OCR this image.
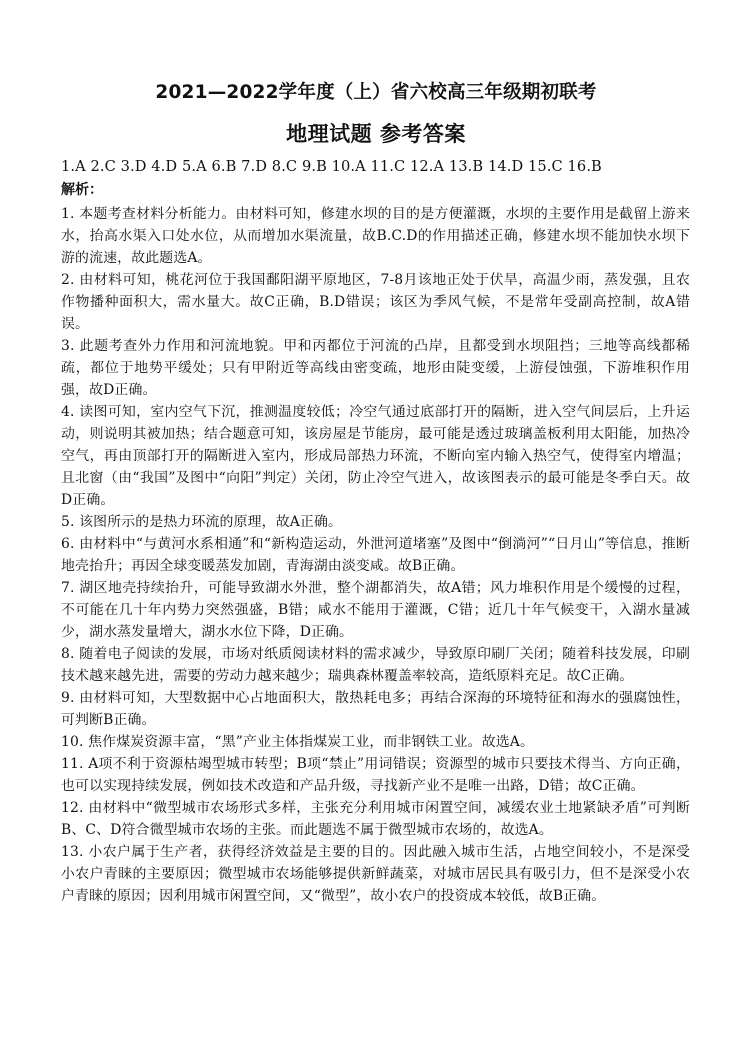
2021—2022学年度（上）省六校高三年级期初联考
地理试题 参考答案
1.A 2.C 3.D 4.D 5.A 6.B 7.D 8.C 9.B 10.A 11.C 12.A 13.B 14.D 15.C 16.B
解析：

1. 本题考查材料分析能力。由材料可知，修建水坝的目的是方便灌溉，水坝的主要作用是截留上游来水，抬高水渠入口处水位，从而增加水渠流量，故B.C.D的作用描述正确，修建水坝不能加快水坝下游的流速，故此题选A。

2. 由材料可知，桃花河位于我国鄱阳湖平原地区，7-8月该地正处于伏旱，高温少雨，蒸发强，且农作物播种面积大，需水量大。故C正确，B.D错误；该区为季风气候，不是常年受副高控制，故A错误。

3. 此题考查外力作用和河流地貌。甲和丙都位于河流的凸岸，且都受到水坝阻挡；三地等高线都稀疏，都位于地势平缓处；只有甲附近等高线由密变疏，地形由陡变缓，上游侵蚀强，下游堆积作用强，故D正确。

4. 读图可知，室内空气下沉，推测温度较低；冷空气通过底部打开的隔断，进入空气间层后，上升运动，则说明其被加热；结合题意可知，该房屋是节能房，最可能是透过玻璃盖板利用太阳能，加热冷空气，再由顶部打开的隔断进入室内，形成局部热力环流，不断向室内输入热空气，使得室内增温；且北窗（由“我国”及图中“向阳”判定）关闭，防止冷空气进入，故该图表示的最可能是冬季白天。故D正确。

5. 该图所示的是热力环流的原理，故A正确。

6. 由材料中“与黄河水系相通”和“新构造运动，外泄河道堵塞”及图中“倒淌河”“日月山”等信息，推断地壳抬升；再因全球变暖蒸发加剧，青海湖由淡变咸。故B正确。

7. 湖区地壳持续抬升，可能导致湖水外泄，整个湖都消失，故A错；风力堆积作用是个缓慢的过程，不可能在几十年内势力突然强盛，B错；咸水不能用于灌溉，C错；近几十年气候变干，入湖水量减少，湖水蒸发量增大，湖水水位下降，D正确。

8. 随着电子阅读的发展，市场对纸质阅读材料的需求减少，导致原印刷厂关闭；随着科技发展，印刷技术越来越先进，需要的劳动力越来越少；瑞典森林覆盖率较高，造纸原料充足。故C正确。

9. 由材料可知，大型数据中心占地面积大，散热耗电多；再结合深海的环境特征和海水的强腐蚀性，可判断B正确。

10. 焦作煤炭资源丰富，“黑”产业主体指煤炭工业，而非钢铁工业。故选A。

11. A项不利于资源枯竭型城市转型；B项“禁止”用词错误；资源型的城市只要技术得当、方向正确，也可以实现持续发展，例如技术改造和产品升级，寻找新产业不是唯一出路，D错；故C正确。

12. 由材料中“微型城市农场形式多样，主张充分利用城市闲置空间，减缓农业土地紧缺矛盾”可判断B、C、D符合微型城市农场的主张。而此题选不属于微型城市农场的，故选A。

13. 小农户属于生产者，获得经济效益是主要的目的。因此融入城市生活，占地空间较小，不是深受小农户青睐的主要原因；微型城市农场能够提供新鲜蔬菜，对城市居民具有吸引力，但不是深受小农户青睐的原因；因利用城市闲置空间，又“微型”，故小农户的投资成本较低，故B正确。
